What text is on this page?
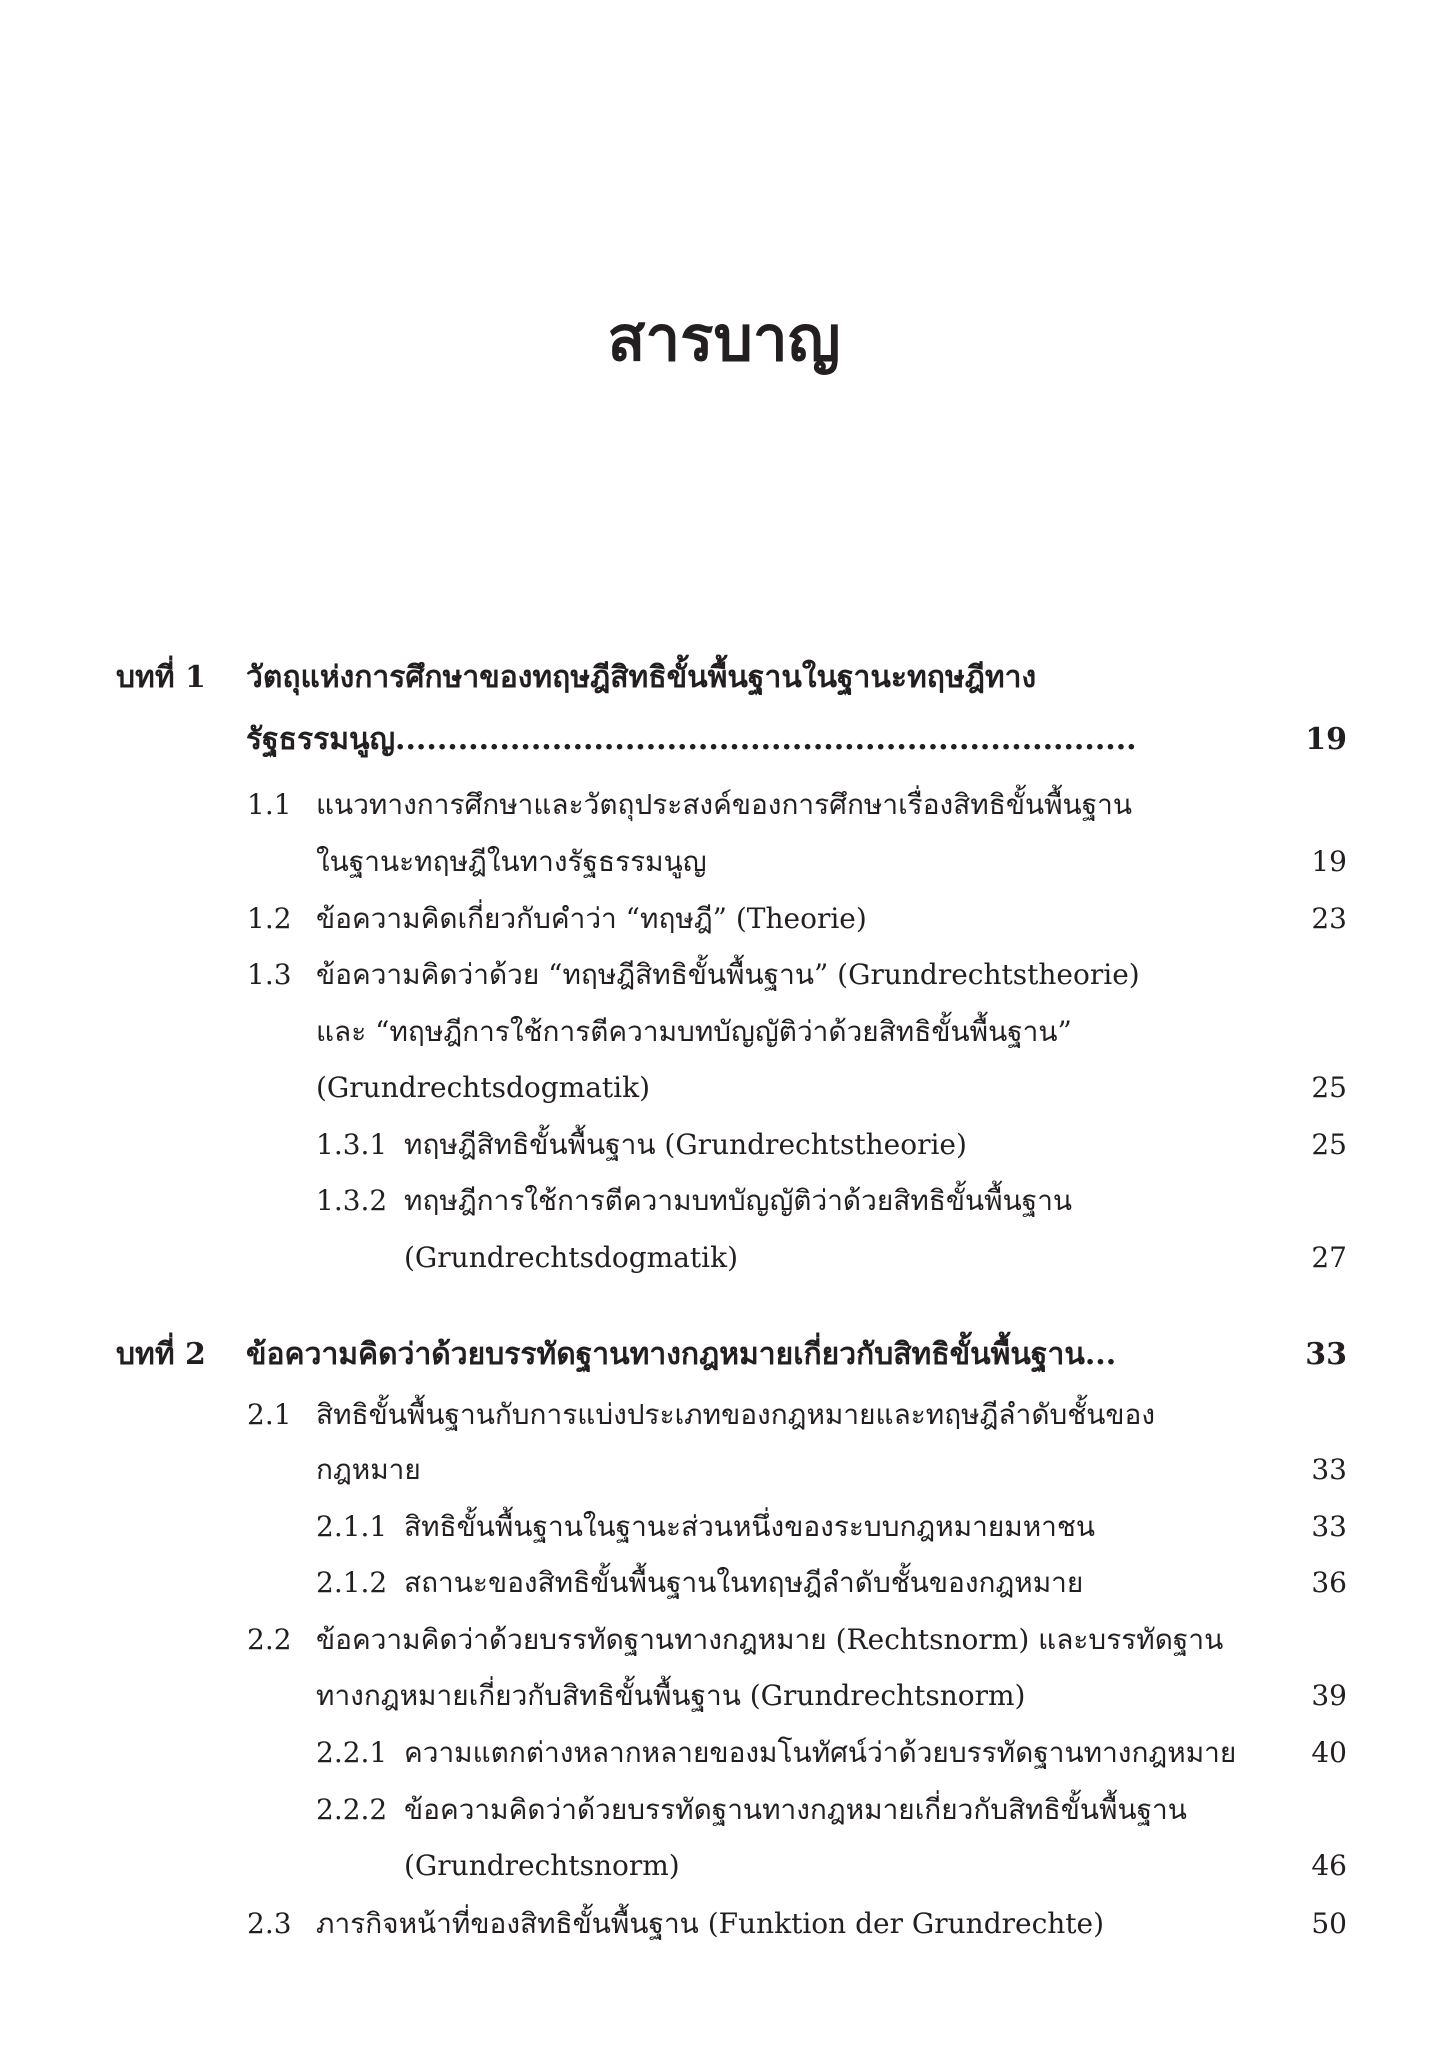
สารบาญ
บทที่ 1 วัตถุแห่งการศึกษาของทฤษฎีสิทธิขั้นพื้นฐานในฐานะทฤษฎีทาง
รัฐธรรมนูญ.......................................................................	19
1.1 แนวทางการศึกษาและวัตถุประสงค์ของการศึกษาเรื่องสิทธิขั้นพื้นฐาน
ในฐานะทฤษฎีในทางรัฐธรรมนูญ	19
1.2 ข้อความคิดเกี่ยวกับคำว่า “ทฤษฎี” (Theorie)	23
1.3 ข้อความคิดว่าด้วย “ทฤษฎีสิทธิขั้นพื้นฐาน” (Grundrechtstheorie)
และ “ทฤษฎีการใช้การตีความบทบัญญัติว่าด้วยสิทธิขั้นพื้นฐาน”
(Grundrechtsdogmatik)	25
1.3.1 ทฤษฎีสิทธิขั้นพื้นฐาน (Grundrechtstheorie)	25
1.3.2 ทฤษฎีการใช้การตีความบทบัญญัติว่าด้วยสิทธิขั้นพื้นฐาน
(Grundrechtsdogmatik)	27
บทที่ 2 ข้อความคิดว่าด้วยบรรทัดฐานทางกฎหมายเกี่ยวกับสิทธิขั้นพื้นฐาน...	33
2.1 สิทธิขั้นพื้นฐานกับการแบ่งประเภทของกฎหมายและทฤษฎีลำดับชั้นของ
กฎหมาย	33
2.1.1 สิทธิขั้นพื้นฐานในฐานะส่วนหนึ่งของระบบกฎหมายมหาชน	33
2.1.2 สถานะของสิทธิขั้นพื้นฐานในทฤษฎีลำดับชั้นของกฎหมาย	36
2.2 ข้อความคิดว่าด้วยบรรทัดฐานทางกฎหมาย (Rechtsnorm) และบรรทัดฐาน
ทางกฎหมายเกี่ยวกับสิทธิขั้นพื้นฐาน (Grundrechtsnorm)	39
2.2.1 ความแตกต่างหลากหลายของมโนทัศน์ว่าด้วยบรรทัดฐานทางกฎหมาย	40
2.2.2 ข้อความคิดว่าด้วยบรรทัดฐานทางกฎหมายเกี่ยวกับสิทธิขั้นพื้นฐาน
(Grundrechtsnorm)	46
2.3 ภารกิจหน้าที่ของสิทธิขั้นพื้นฐาน (Funktion der Grundrechte)	50
